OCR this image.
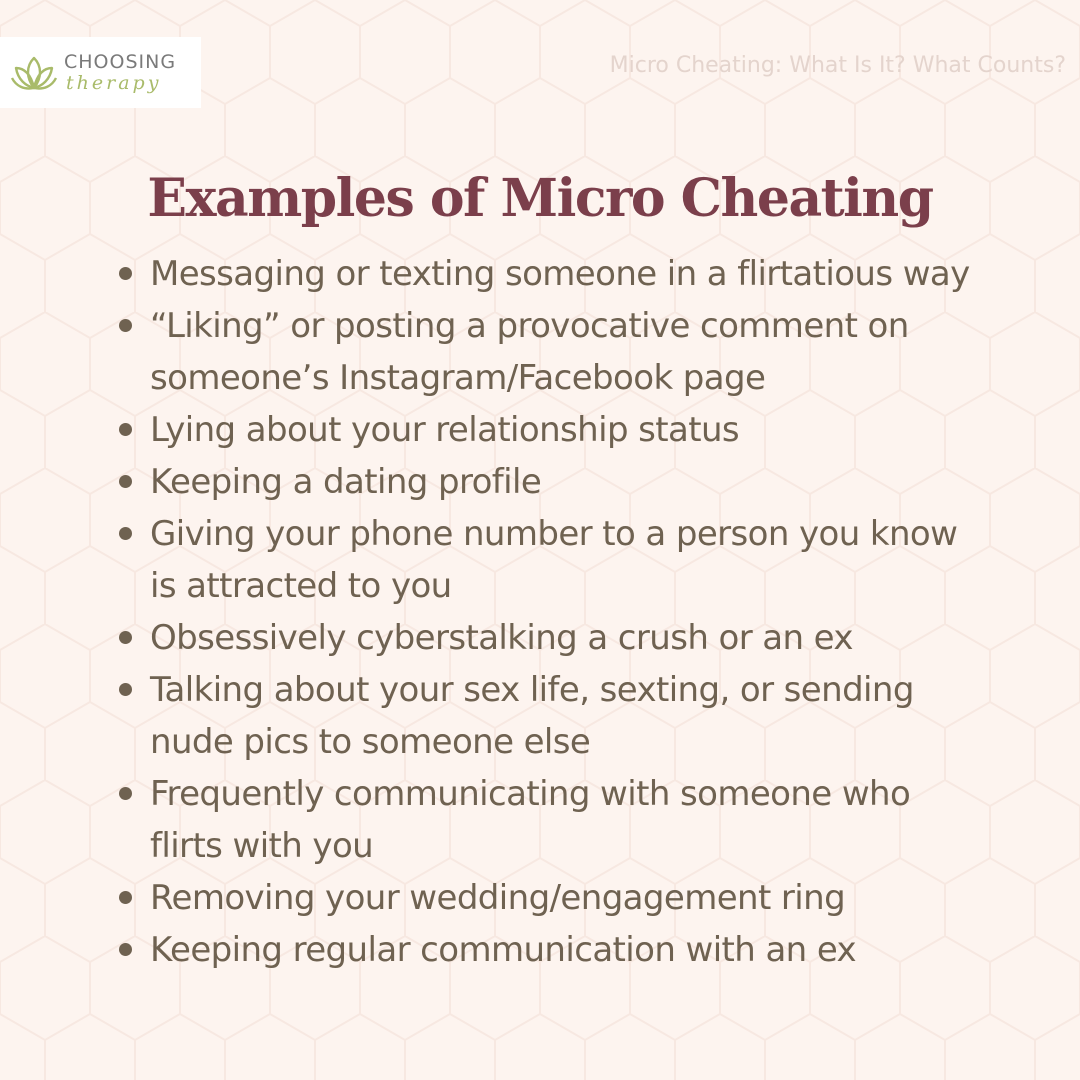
CHOOSING
therapy
Micro Cheating: What Is It? What Counts?
Examples of Micro Cheating
Messaging or texting someone in a flirtatious way
“Liking” or posting a provocative comment on
someone’s Instagram/Facebook page
Lying about your relationship status
Keeping a dating profile
Giving your phone number to a person you know
is attracted to you
Obsessively cyberstalking a crush or an ex
Talking about your sex life, sexting, or sending
nude pics to someone else
Frequently communicating with someone who
flirts with you
Removing your wedding/engagement ring
Keeping regular communication with an ex
